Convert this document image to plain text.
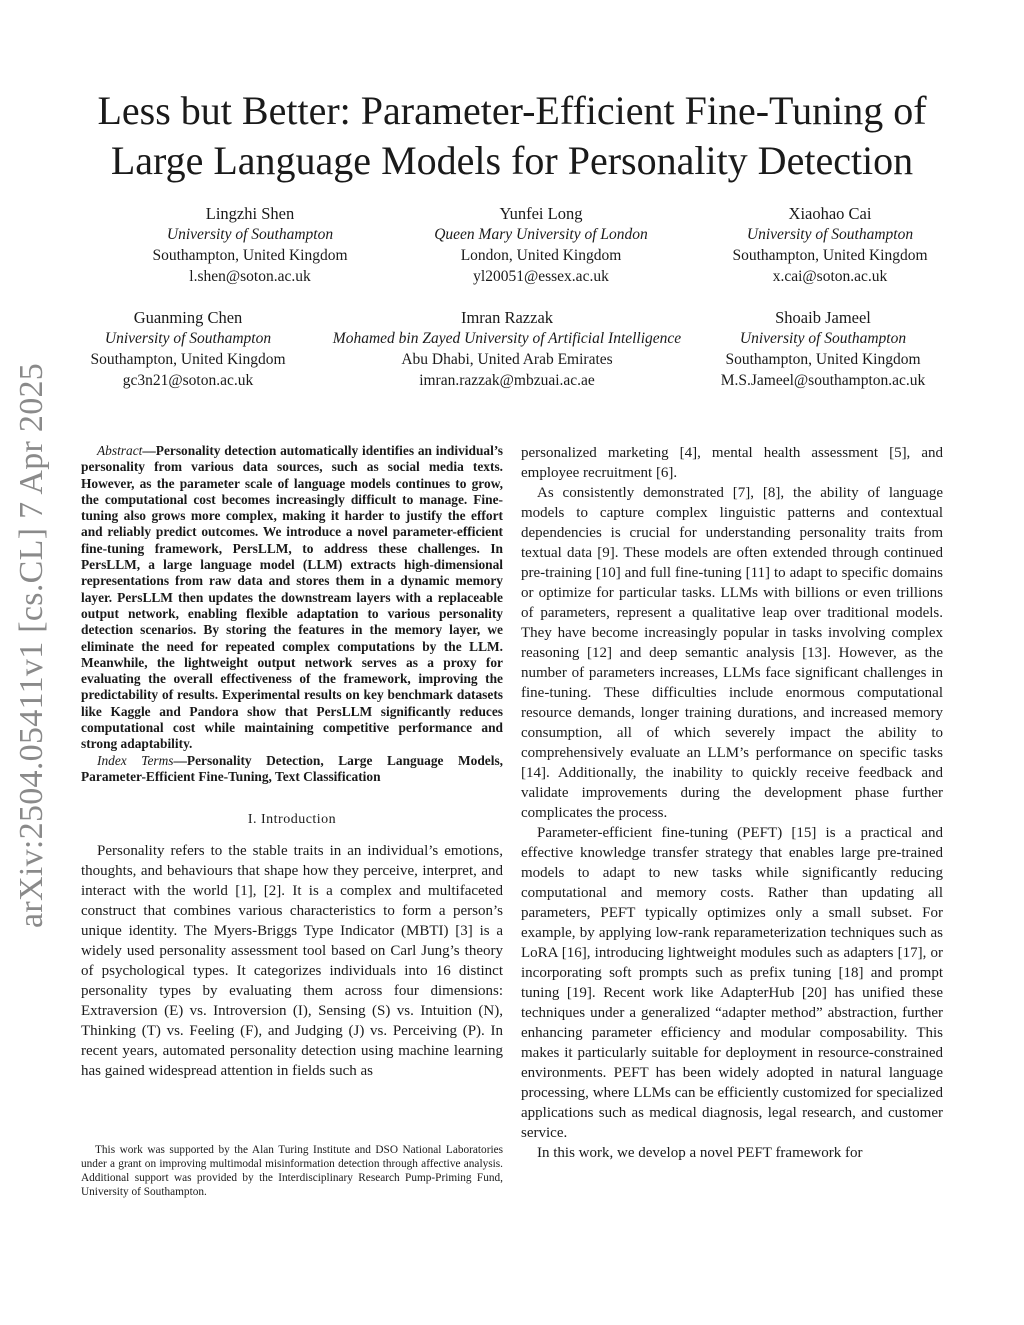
arXiv:2504.05411v1 [cs.CL] 7 Apr 2025
Less but Better: Parameter-Efficient Fine-Tuning of Large Language Models for Personality Detection
Lingzhi Shen
University of Southampton
Southampton, United Kingdom
l.shen@soton.ac.uk
Yunfei Long
Queen Mary University of London
London, United Kingdom
yl20051@essex.ac.uk
Xiaohao Cai
University of Southampton
Southampton, United Kingdom
x.cai@soton.ac.uk
Guanming Chen
University of Southampton
Southampton, United Kingdom
gc3n21@soton.ac.uk
Imran Razzak
Mohamed bin Zayed University of Artificial Intelligence
Abu Dhabi, United Arab Emirates
imran.razzak@mbzuai.ac.ae
Shoaib Jameel
University of Southampton
Southampton, United Kingdom
M.S.Jameel@southampton.ac.uk

Abstract—Personality detection automatically identifies an individual’s personality from various data sources, such as social media texts. However, as the parameter scale of language models continues to grow, the computational cost becomes increasingly difficult to manage. Fine-tuning also grows more complex, making it harder to justify the effort and reliably predict outcomes. We introduce a novel parameter-efficient fine-tuning framework, PersLLM, to address these challenges. In PersLLM, a large language model (LLM) extracts high-dimensional representations from raw data and stores them in a dynamic memory layer. PersLLM then updates the downstream layers with a replaceable output network, enabling flexible adaptation to various personality detection scenarios. By storing the features in the memory layer, we eliminate the need for repeated complex computations by the LLM. Meanwhile, the lightweight output network serves as a proxy for evaluating the overall effectiveness of the framework, improving the predictability of results. Experimental results on key benchmark datasets like Kaggle and Pandora show that PersLLM significantly reduces computational cost while maintaining competitive performance and strong adaptability.

Index Terms—Personality Detection, Large Language Models, Parameter-Efficient Fine-Tuning, Text Classification

I. Introduction

Personality refers to the stable traits in an individual’s emotions, thoughts, and behaviours that shape how they perceive, interpret, and interact with the world [1], [2]. It is a complex and multifaceted construct that combines various characteristics to form a person’s unique identity. The Myers-Briggs Type Indicator (MBTI) [3] is a widely used personality assessment tool based on Carl Jung’s theory of psychological types. It categorizes individuals into 16 distinct personality types by evaluating them across four dimensions: Extraversion (E) vs. Introversion (I), Sensing (S) vs. Intuition (N), Thinking (T) vs. Feeling (F), and Judging (J) vs. Perceiving (P). In recent years, automated personality detection using machine learning has gained widespread attention in fields such as

This work was supported by the Alan Turing Institute and DSO National Laboratories under a grant on improving multimodal misinformation detection through affective analysis. Additional support was provided by the Interdisciplinary Research Pump-Priming Fund, University of Southampton.

personalized marketing [4], mental health assessment [5], and employee recruitment [6].

As consistently demonstrated [7], [8], the ability of language models to capture complex linguistic patterns and contextual dependencies is crucial for understanding personality traits from textual data [9]. These models are often extended through continued pre-training [10] and full fine-tuning [11] to adapt to specific domains or optimize for particular tasks. LLMs with billions or even trillions of parameters, represent a qualitative leap over traditional models. They have become increasingly popular in tasks involving complex reasoning [12] and deep semantic analysis [13]. However, as the number of parameters increases, LLMs face significant challenges in fine-tuning. These difficulties include enormous computational resource demands, longer training durations, and increased memory consumption, all of which severely impact the ability to comprehensively evaluate an LLM’s performance on specific tasks [14]. Additionally, the inability to quickly receive feedback and validate improvements during the development phase further complicates the process.

Parameter-efficient fine-tuning (PEFT) [15] is a practical and effective knowledge transfer strategy that enables large pre-trained models to adapt to new tasks while significantly reducing computational and memory costs. Rather than updating all parameters, PEFT typically optimizes only a small subset. For example, by applying low-rank reparameterization techniques such as LoRA [16], introducing lightweight modules such as adapters [17], or incorporating soft prompts such as prefix tuning [18] and prompt tuning [19]. Recent work like AdapterHub [20] has unified these techniques under a generalized “adapter method” abstraction, further enhancing parameter efficiency and modular composability. This makes it particularly suitable for deployment in resource-constrained environments. PEFT has been widely adopted in natural language processing, where LLMs can be efficiently customized for specialized applications such as medical diagnosis, legal research, and customer service.

In this work, we develop a novel PEFT framework for
